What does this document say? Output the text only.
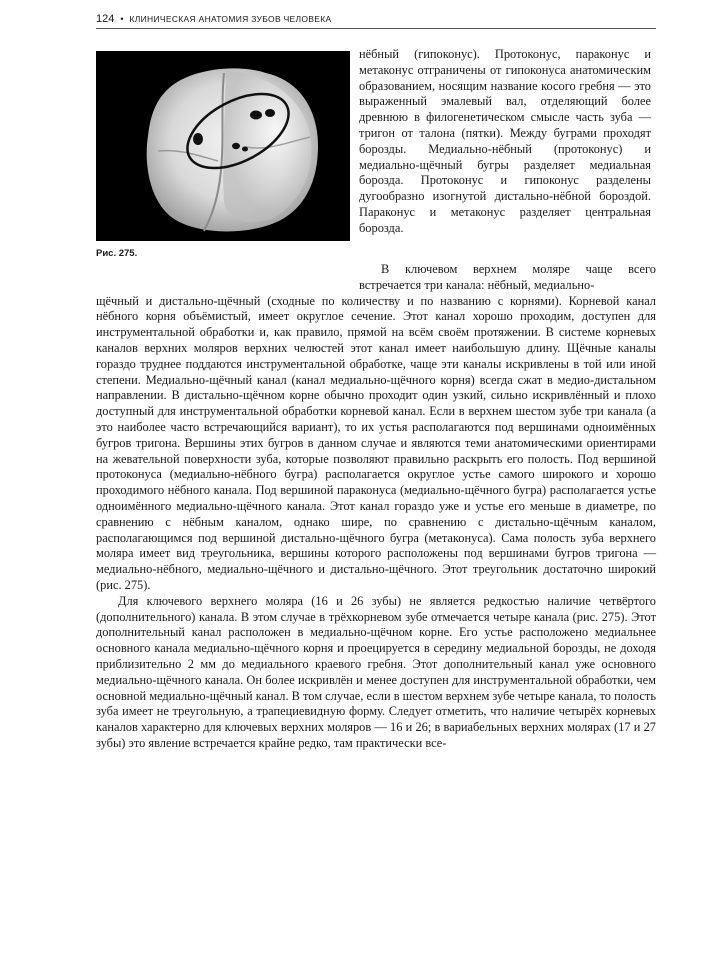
124 • КЛИНИЧЕСКАЯ АНАТОМИЯ ЗУБОВ ЧЕЛОВЕКА
Рис. 275.

нёбный (гипоконус). Протоконус, параконус и метаконус отграничены от гипоконуса анатомическим образованием, носящим название косого гребня — это выраженный эмалевый вал, отделяющий более древнюю в филогенетическом смысле часть зуба — тригон от талона (пятки). Между буграми проходят борозды. Медиально-нёбный (протоконус) и медиально-щёчный бугры разделяет медиальная борозда. Протоконус и гипоконус разделены дугообразно изогнутой дистально-нёбной бороздой. Параконус и метаконус разделяет центральная борозда.

В ключевом верхнем моляре чаще всего встречается три канала: нёбный, медиально-

щёчный и дистально-щёчный (сходные по количеству и по названию с корнями). Корневой канал нёбного корня объёмистый, имеет округлое сечение. Этот канал хорошо проходим, доступен для инструментальной обработки и, как правило, прямой на всём своём протяжении. В системе корневых каналов верхних моляров верхних челюстей этот канал имеет наибольшую длину. Щёчные каналы гораздо труднее поддаются инструментальной обработке, чаще эти каналы искривлены в той или иной степени. Медиально-щёчный канал (канал медиально-щёчного корня) всегда сжат в медио-дистальном направлении. В дистально-щёчном корне обычно проходит один узкий, сильно искривлённый и плохо доступный для инструментальной обработки корневой канал. Если в верхнем шестом зубе три канала (а это наиболее часто встречающийся вариант), то их устья располагаются под вершинами одноимённых бугров тригона. Вершины этих бугров в данном случае и являются теми анатомическими ориентирами на жевательной поверхности зуба, которые позволяют правильно раскрыть его полость. Под вершиной протоконуса (медиально-нёбного бугра) располагается округлое устье самого широкого и хорошо проходимого нёбного канала. Под вершиной параконуса (медиально-щёчного бугра) располагается устье одноимённого медиально-щёчного канала. Этот канал гораздо уже и устье его меньше в диаметре, по сравнению с нёбным каналом, однако шире, по сравнению с дистально-щёчным каналом, располагающимся под вершиной дистально-щёчного бугра (метаконуса). Сама полость зуба верхнего моляра имеет вид треугольника, вершины которого расположены под вершинами бугров тригона — медиально-нёбного, медиально-щёчного и дистально-щёчного. Этот треугольник достаточно широкий (рис. 275).

Для ключевого верхнего моляра (16 и 26 зубы) не является редкостью наличие четвёртого (дополнительного) канала. В этом случае в трёхкорневом зубе отмечается четыре канала (рис. 275). Этот дополнительный канал расположен в медиально-щёчном корне. Его устье расположено медиальнее основного канала медиально-щёчного корня и проецируется в середину медиальной борозды, не доходя приблизительно 2 мм до медиального краевого гребня. Этот дополнительный канал уже основного медиально-щёчного канала. Он более искривлён и менее доступен для инструментальной обработки, чем основной медиально-щёчный канал. В том случае, если в шестом верхнем зубе четыре канала, то полость зуба имеет не треугольную, а трапециевидную форму. Следует отметить, что наличие четырёх корневых каналов характерно для ключевых верхних моляров — 16 и 26; в вариабельных верхних молярах (17 и 27 зубы) это явление встречается крайне редко, там практически все-
